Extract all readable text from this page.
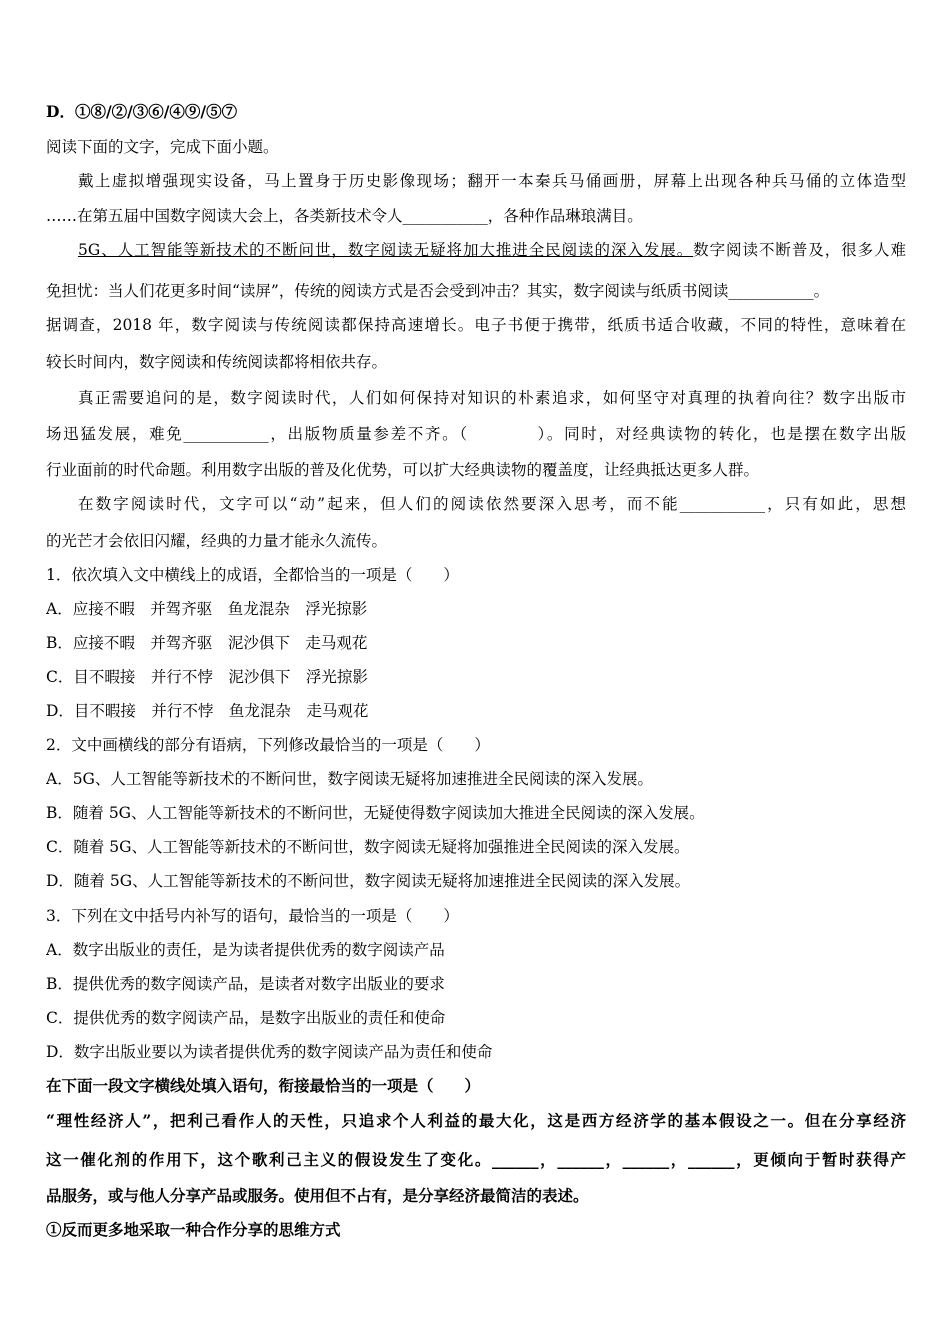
D．①⑧/②/③⑥/④⑨/⑤⑦
阅读下面的文字，完成下面小题。
戴上虚拟增强现实设备，马上置身于历史影像现场；翻开一本秦兵马俑画册，屏幕上出现各种兵马俑的立体造型
……在第五届中国数字阅读大会上，各类新技术令人___________，各种作品琳琅满目。
5G、人工智能等新技术的不断问世，数字阅读无疑将加大推进全民阅读的深入发展。数字阅读不断普及，很多人难
免担忧：当人们花更多时间“读屏”，传统的阅读方式是否会受到冲击？其实，数字阅读与纸质书阅读___________。
据调查，2018 年，数字阅读与传统阅读都保持高速增长。电子书便于携带，纸质书适合收藏，不同的特性，意味着在
较长时间内，数字阅读和传统阅读都将相依共存。
真正需要追问的是，数字阅读时代，人们如何保持对知识的朴素追求，如何坚守对真理的执着向往？数字出版市
场迅猛发展，难免___________，出版物质量参差不齐。（　　　　）。同时，对经典读物的转化，也是摆在数字出版
行业面前的时代命题。利用数字出版的普及化优势，可以扩大经典读物的覆盖度，让经典抵达更多人群。
在数字阅读时代，文字可以“动”起来，但人们的阅读依然要深入思考，而不能___________，只有如此，思想
的光芒才会依旧闪耀，经典的力量才能永久流传。
1．依次填入文中横线上的成语，全都恰当的一项是（　　）
A．应接不暇　并驾齐驱　鱼龙混杂　浮光掠影
B．应接不暇　并驾齐驱　泥沙俱下　走马观花
C．目不暇接　并行不悖　泥沙俱下　浮光掠影
D．目不暇接　并行不悖　鱼龙混杂　走马观花
2．文中画横线的部分有语病，下列修改最恰当的一项是（　　）
A．5G、人工智能等新技术的不断问世，数字阅读无疑将加速推进全民阅读的深入发展。
B．随着 5G、人工智能等新技术的不断问世，无疑使得数字阅读加大推进全民阅读的深入发展。
C．随着 5G、人工智能等新技术的不断问世，数字阅读无疑将加强推进全民阅读的深入发展。
D．随着 5G、人工智能等新技术的不断问世，数字阅读无疑将加速推进全民阅读的深入发展。
3．下列在文中括号内补写的语句，最恰当的一项是（　　）
A．数字出版业的责任，是为读者提供优秀的数字阅读产品
B．提供优秀的数字阅读产品，是读者对数字出版业的要求
C．提供优秀的数字阅读产品，是数字出版业的责任和使命
D．数字出版业要以为读者提供优秀的数字阅读产品为责任和使命
在下面一段文字横线处填入语句，衔接最恰当的一项是（　　）
“理性经济人”，把利己看作人的天性，只追求个人利益的最大化，这是西方经济学的基本假设之一。但在分享经济
这一催化剂的作用下，这个歌利己主义的假设发生了变化。______，______，______，______，更倾向于暂时获得产
品服务，或与他人分享产品或服务。使用但不占有，是分享经济最简洁的表述。
①反而更多地采取一种合作分享的思维方式
